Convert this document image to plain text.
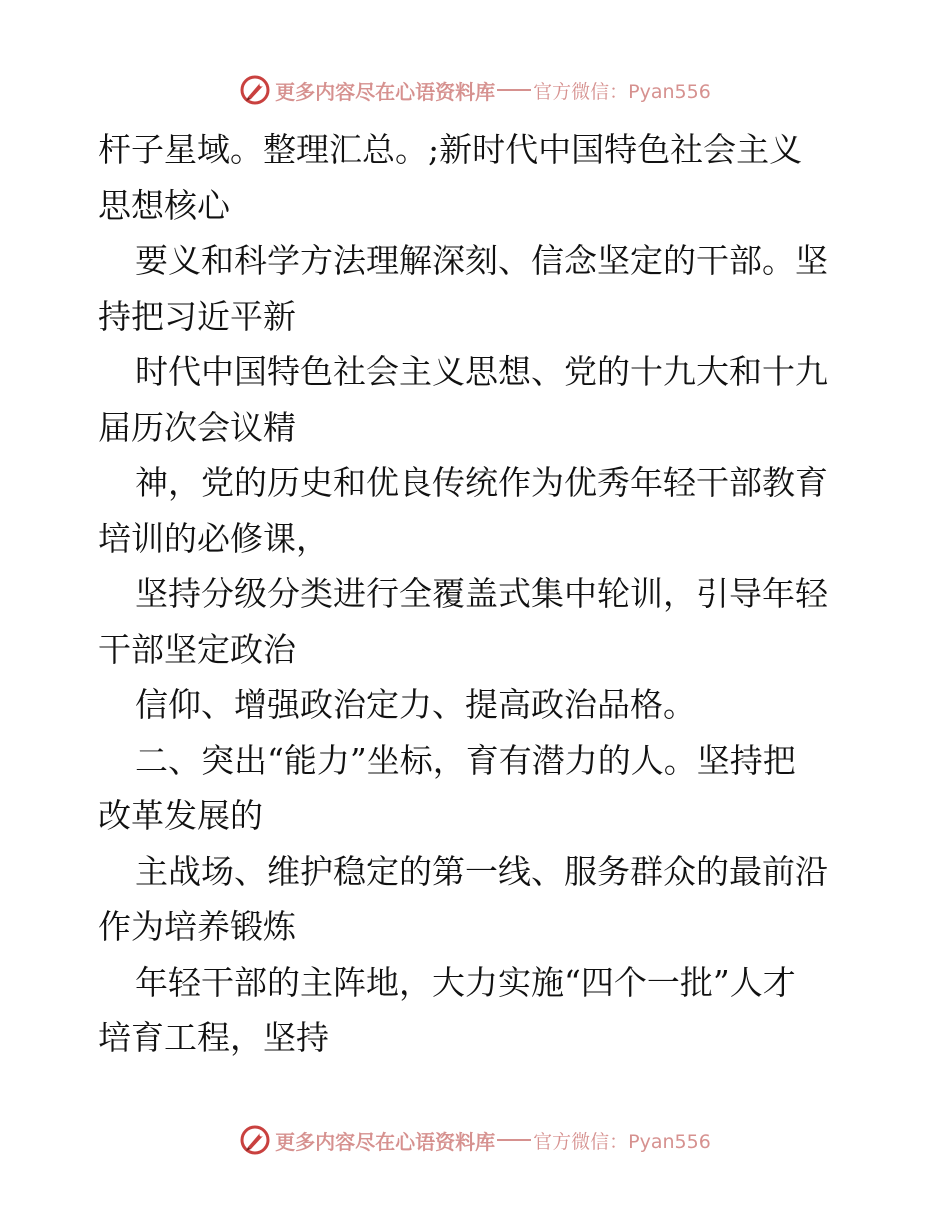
更多内容尽在心语资料库 官方微信：Pyan556
杆子星域。整理汇总。;新时代中国特色社会主义
思想核心
要义和科学方法理解深刻、信念坚定的干部。坚
持把习近平新
时代中国特色社会主义思想、党的十九大和十九
届历次会议精
神，党的历史和优良传统作为优秀年轻干部教育
培训的必修课，
坚持分级分类进行全覆盖式集中轮训，引导年轻
干部坚定政治
信仰、增强政治定力、提高政治品格。
二、突出“能力”坐标，育有潜力的人。坚持把
改革发展的
主战场、维护稳定的第一线、服务群众的最前沿
作为培养锻炼
年轻干部的主阵地，大力实施“四个一批”人才
培育工程，坚持
更多内容尽在心语资料库 官方微信：Pyan556
